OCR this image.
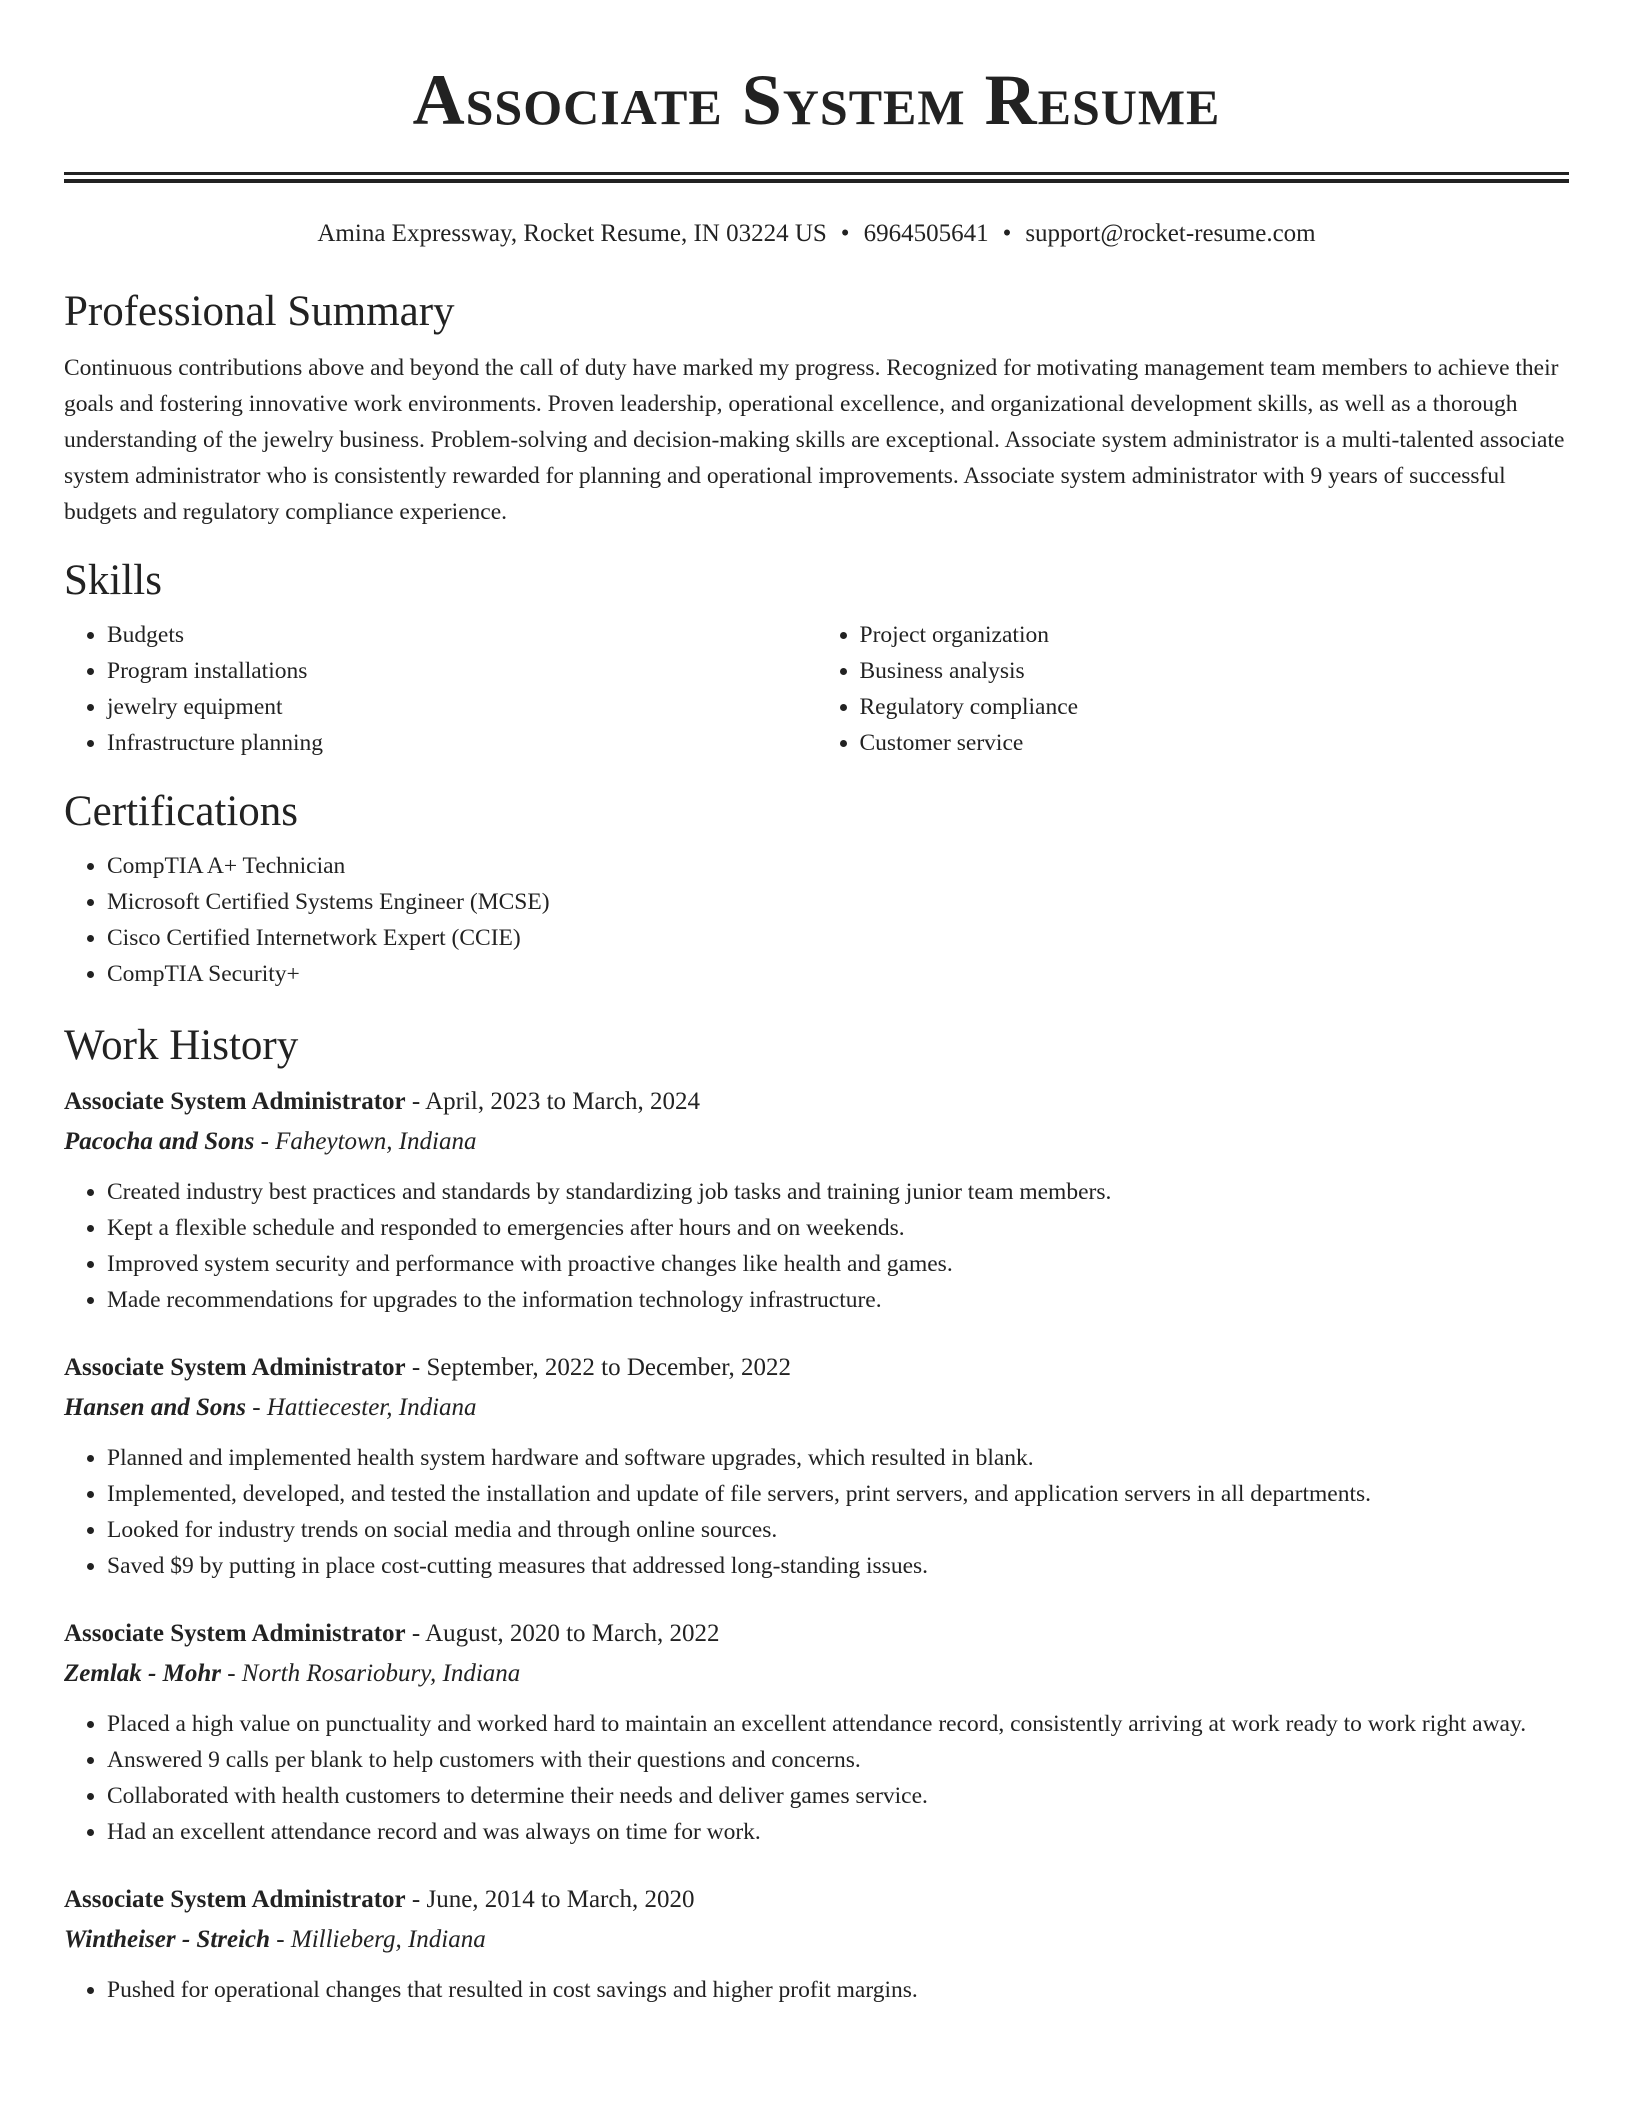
Associate System Resume
Amina Expressway, Rocket Resume, IN 03224 US • 6964505641 • support@rocket-resume.com
Professional Summary

Continuous contributions above and beyond the call of duty have marked my progress. Recognized for motivating management team members to achieve their goals and fostering innovative work environments. Proven leadership, operational excellence, and organizational development skills, as well as a thorough understanding of the jewelry business. Problem-solving and decision-making skills are exceptional. Associate system administrator is a multi-talented associate system administrator who is consistently rewarded for planning and operational improvements. Associate system administrator with 9 years of successful budgets and regulatory compliance experience.

Skills
• Budgets
• Program installations
• jewelry equipment
• Infrastructure planning
• Project organization
• Business analysis
• Regulatory compliance
• Customer service
Certifications
• CompTIA A+ Technician
• Microsoft Certified Systems Engineer (MCSE)
• Cisco Certified Internetwork Expert (CCIE)
• CompTIA Security+
Work History
Associate System Administrator - April, 2023 to March, 2024
Pacocha and Sons - Faheytown, Indiana
• Created industry best practices and standards by standardizing job tasks and training junior team members.
• Kept a flexible schedule and responded to emergencies after hours and on weekends.
• Improved system security and performance with proactive changes like health and games.
• Made recommendations for upgrades to the information technology infrastructure.
Associate System Administrator - September, 2022 to December, 2022
Hansen and Sons - Hattiecester, Indiana
• Planned and implemented health system hardware and software upgrades, which resulted in blank.
• Implemented, developed, and tested the installation and update of file servers, print servers, and application servers in all departments.
• Looked for industry trends on social media and through online sources.
• Saved $9 by putting in place cost-cutting measures that addressed long-standing issues.
Associate System Administrator - August, 2020 to March, 2022
Zemlak - Mohr - North Rosariobury, Indiana
• Placed a high value on punctuality and worked hard to maintain an excellent attendance record, consistently arriving at work ready to work right away.
• Answered 9 calls per blank to help customers with their questions and concerns.
• Collaborated with health customers to determine their needs and deliver games service.
• Had an excellent attendance record and was always on time for work.
Associate System Administrator - June, 2014 to March, 2020
Wintheiser - Streich - Millieberg, Indiana
• Pushed for operational changes that resulted in cost savings and higher profit margins.
